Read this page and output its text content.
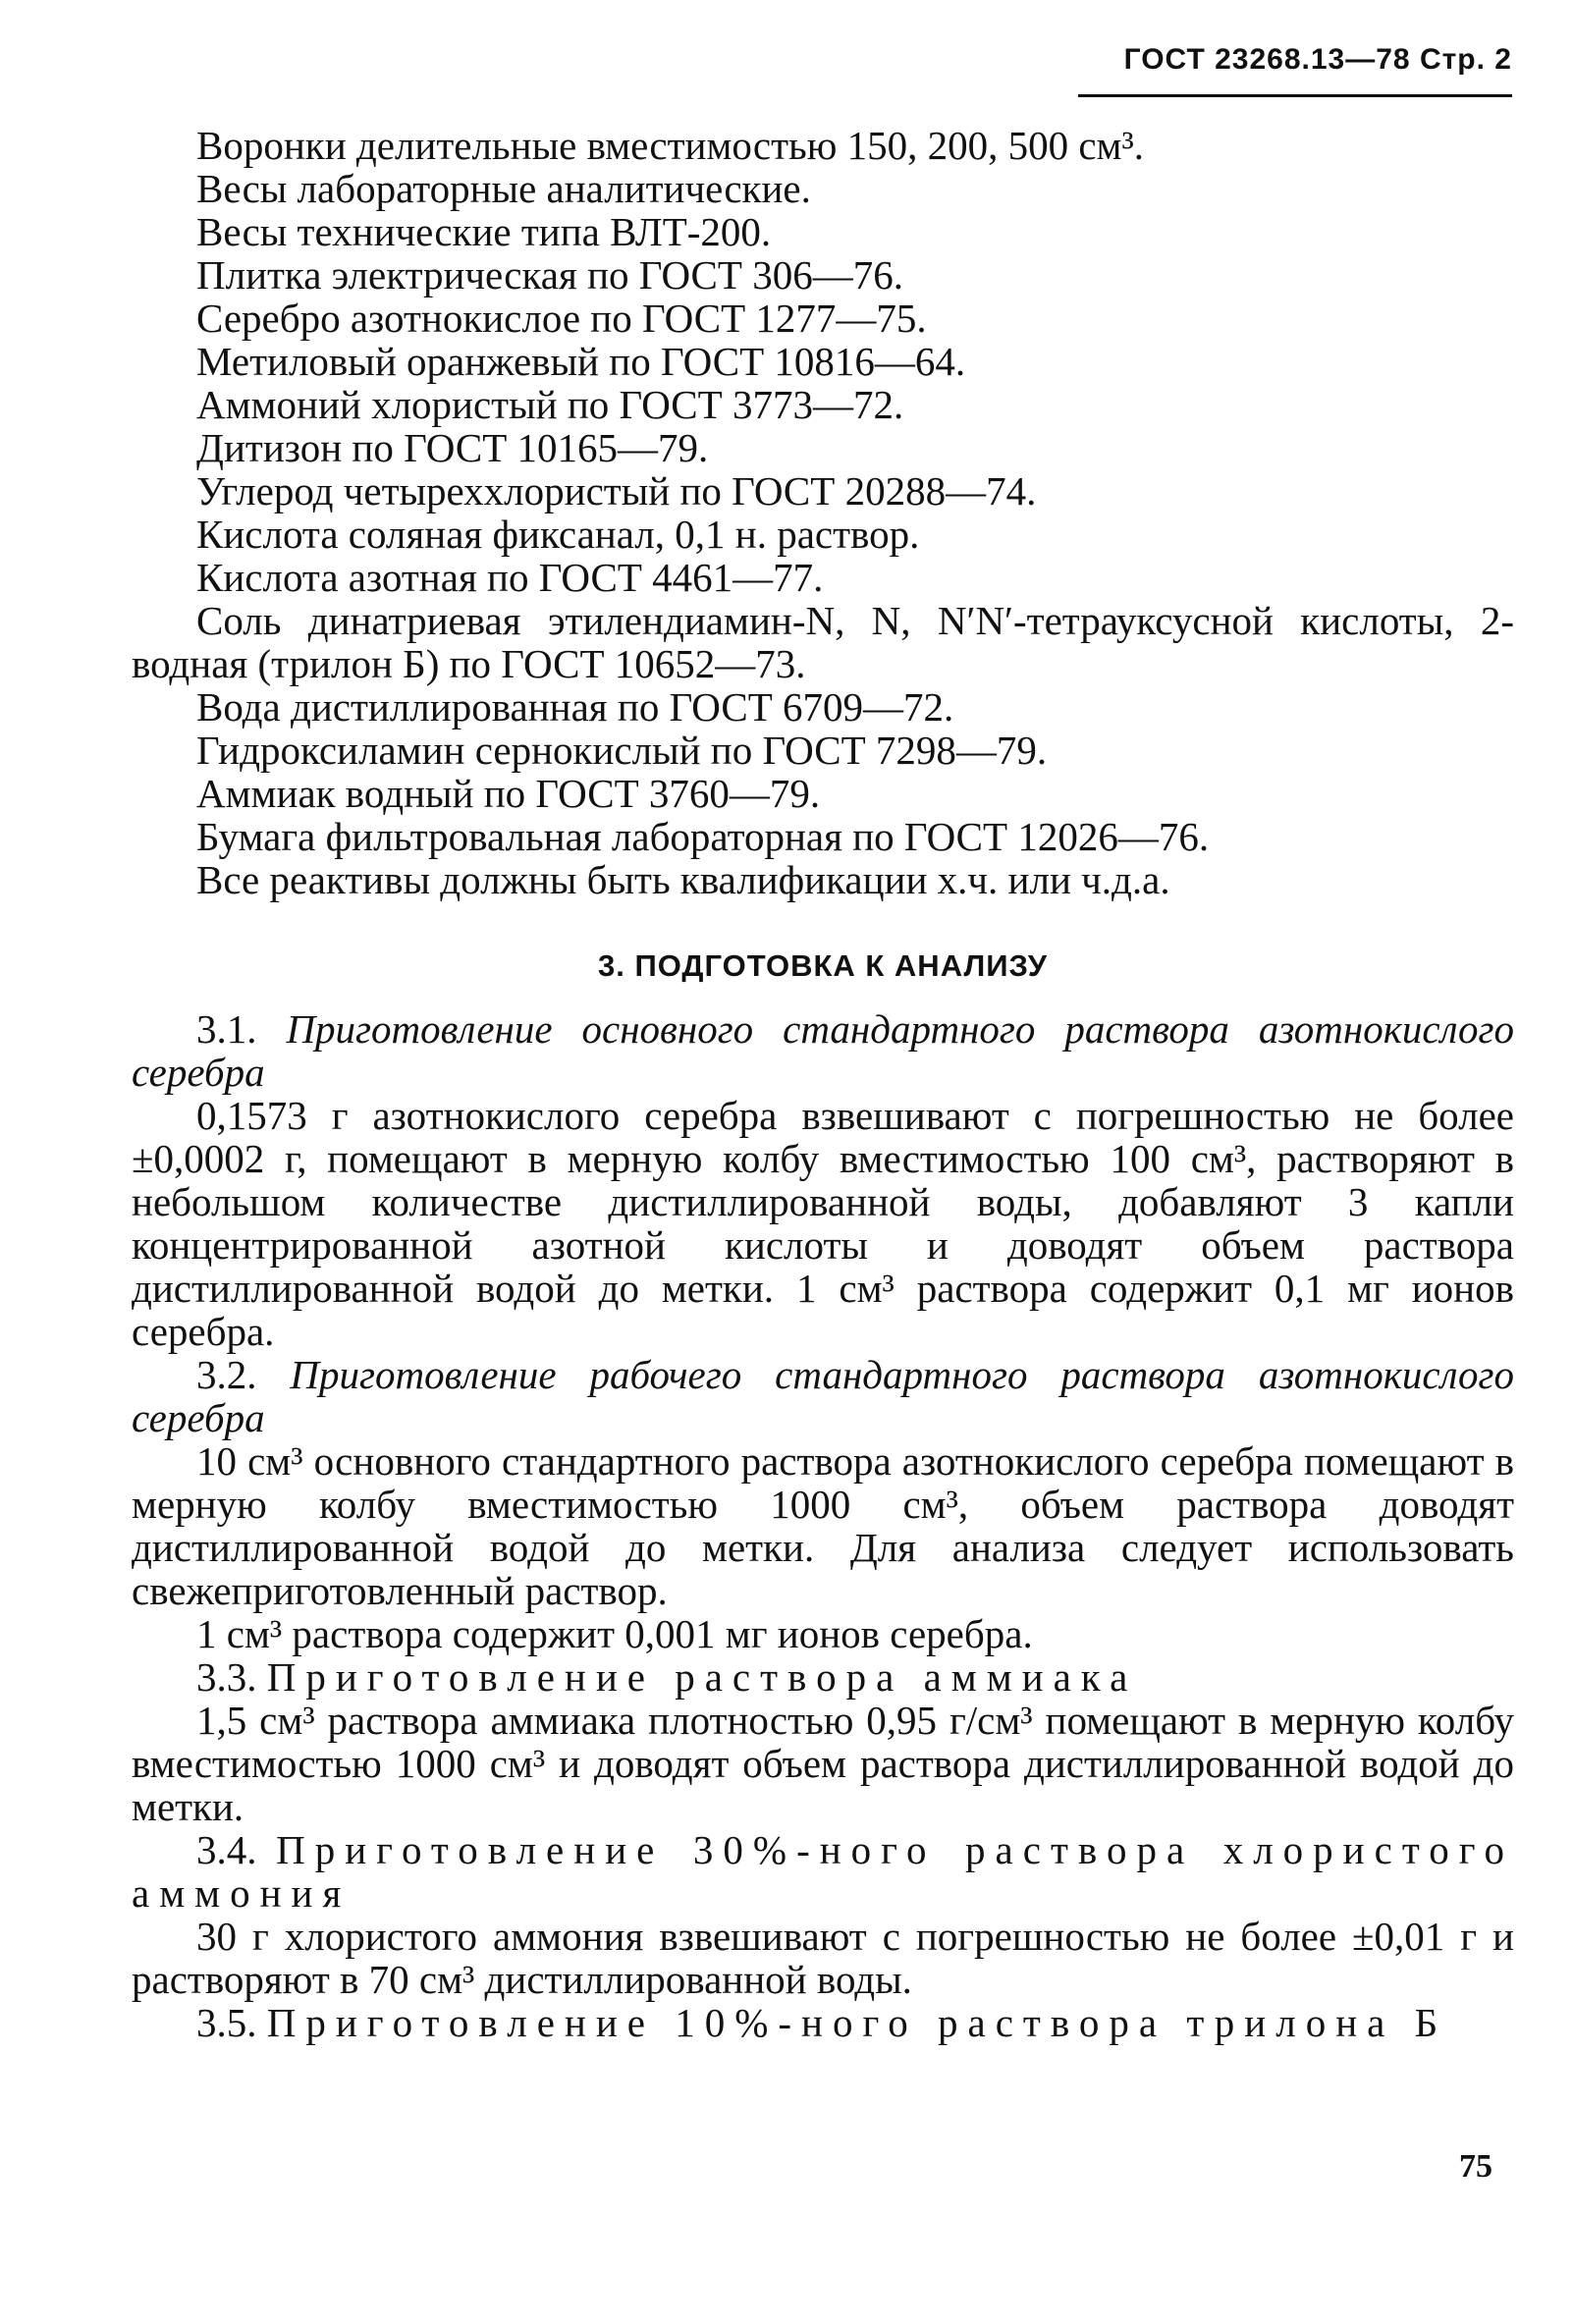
ГОСТ 23268.13—78 Стр. 2
Воронки делительные вместимостью 150, 200, 500 см³.
Весы лабораторные аналитические.
Весы технические типа ВЛТ-200.
Плитка электрическая по ГОСТ 306—76.
Серебро азотнокислое по ГОСТ 1277—75.
Метиловый оранжевый по ГОСТ 10816—64.
Аммоний хлористый по ГОСТ 3773—72.
Дитизон по ГОСТ 10165—79.
Углерод четыреххлористый по ГОСТ 20288—74.
Кислота соляная фиксанал, 0,1 н. раствор.
Кислота азотная по ГОСТ 4461—77.
Соль динатриевая этилендиамин-N, N, N′N′-тетрауксусной кислоты, 2-водная (трилон Б) по ГОСТ 10652—73.
Вода дистиллированная по ГОСТ 6709—72.
Гидроксиламин сернокислый по ГОСТ 7298—79.
Аммиак водный по ГОСТ 3760—79.
Бумага фильтровальная лабораторная по ГОСТ 12026—76.
Все реактивы должны быть квалификации х.ч. или ч.д.а.
3. ПОДГОТОВКА К АНАЛИЗУ
3.1. Приготовление основного стандартного раствора азотнокислого серебра
0,1573 г азотнокислого серебра взвешивают с погрешностью не более ±0,0002 г, помещают в мерную колбу вместимостью 100 см³, растворяют в небольшом количестве дистиллированной воды, добавляют 3 капли концентрированной азотной кислоты и доводят объем раствора дистиллированной водой до метки. 1 см³ раствора содержит 0,1 мг ионов серебра.
3.2. Приготовление рабочего стандартного раствора азотнокислого серебра
10 см³ основного стандартного раствора азотнокислого серебра помещают в мерную колбу вместимостью 1000 см³, объем раствора доводят дистиллированной водой до метки. Для анализа следует использовать свежеприготовленный раствор.
1 см³ раствора содержит 0,001 мг ионов серебра.
3.3. Приготовление раствора аммиака
1,5 см³ раствора аммиака плотностью 0,95 г/см³ помещают в мерную колбу вместимостью 1000 см³ и доводят объем раствора дистиллированной водой до метки.
3.4. Приготовление 30%-ного раствора хлористого аммония
30 г хлористого аммония взвешивают с погрешностью не более ±0,01 г и растворяют в 70 см³ дистиллированной воды.
3.5. Приготовление 10%-ного раствора трилона Б
75
